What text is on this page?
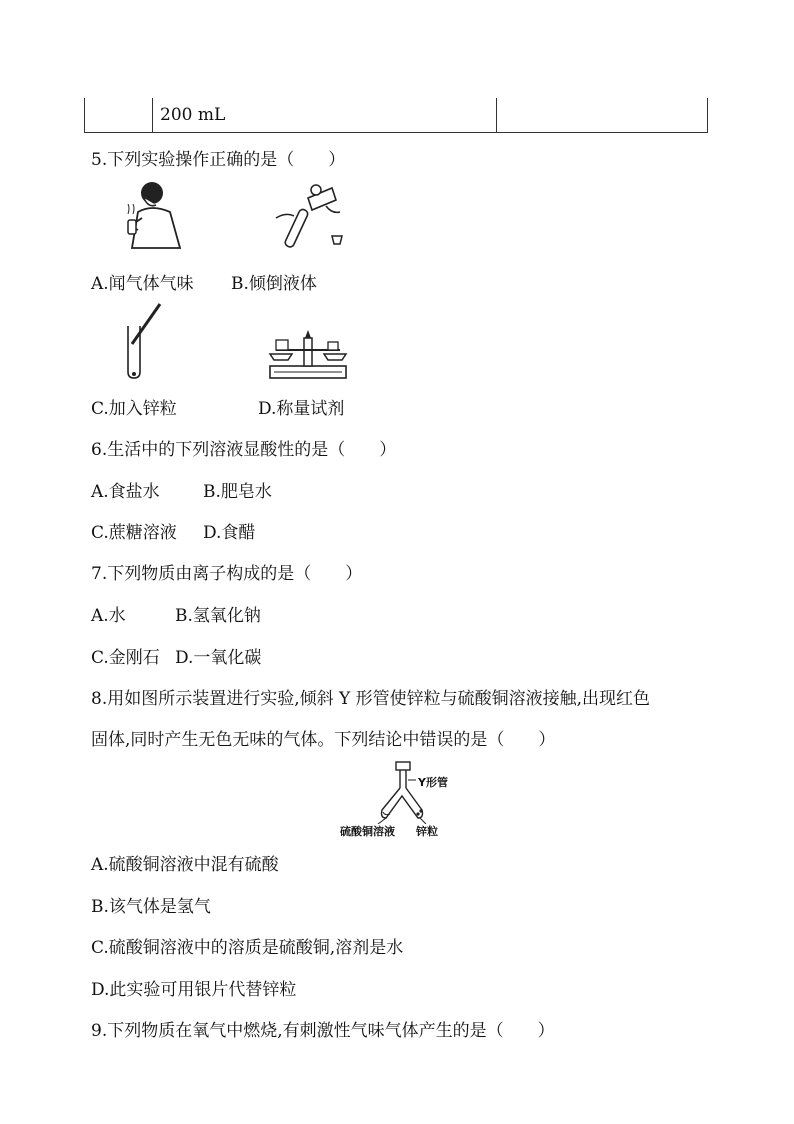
200 mL
5.下列实验操作正确的是（　　）
A.闻气体气味 B.倾倒液体
C.加入锌粒	D.称量试剂
6.生活中的下列溶液显酸性的是（　　）
A.食盐水	B.肥皂水
C.蔗糖溶液 D.食醋
7.下列物质由离子构成的是（　　）
A.水	B.氢氧化钠
C.金刚石 D.一氧化碳
8.用如图所示装置进行实验,倾斜 Y 形管使锌粒与硫酸铜溶液接触,出现红色
固体,同时产生无色无味的气体。下列结论中错误的是（　　）
Y形管
硫酸铜溶液 锌粒
A.硫酸铜溶液中混有硫酸
B.该气体是氢气
C.硫酸铜溶液中的溶质是硫酸铜,溶剂是水
D.此实验可用银片代替锌粒
9.下列物质在氧气中燃烧,有刺激性气味气体产生的是（　　）
